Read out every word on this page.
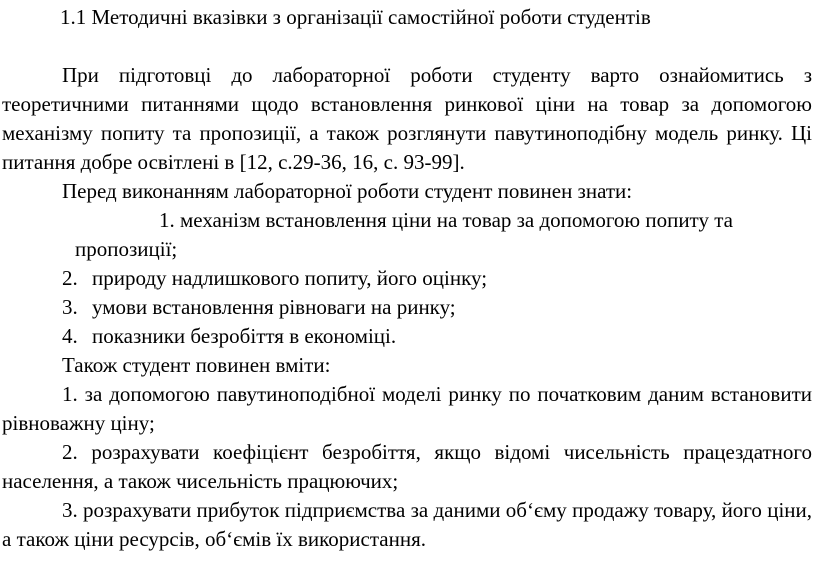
1.1 Методичні вказівки з організації самостійної роботи студентів

При підготовці до лабораторної роботи студенту варто ознайомитись з теоретичними питаннями щодо встановлення ринкової ціни на товар за допомогою механізму попиту та пропозиції, а також розглянути павутиноподібну модель ринку. Ці питання добре освітлені в [12, с.29-36, 16, с. 93-99].

Перед виконанням лабораторної роботи студент повинен знати:

1. механізм встановлення ціни на товар за допомогою попиту та пропозиції;
2. природу надлишкового попиту, його оцінку;
3. умови встановлення рівноваги на ринку;
4. показники безробіття в економіці.

Також студент повинен вміти:

1. за допомогою павутиноподібної моделі ринку по початковим даним встановити рівноважну ціну;

2. розрахувати коефіцієнт безробіття, якщо відомі чисельність працездатного населення, а також чисельність працюючих;

3. розрахувати прибуток підприємства за даними об‘єму продажу товару, його ціни, а також ціни ресурсів, об‘ємів їх використання.
